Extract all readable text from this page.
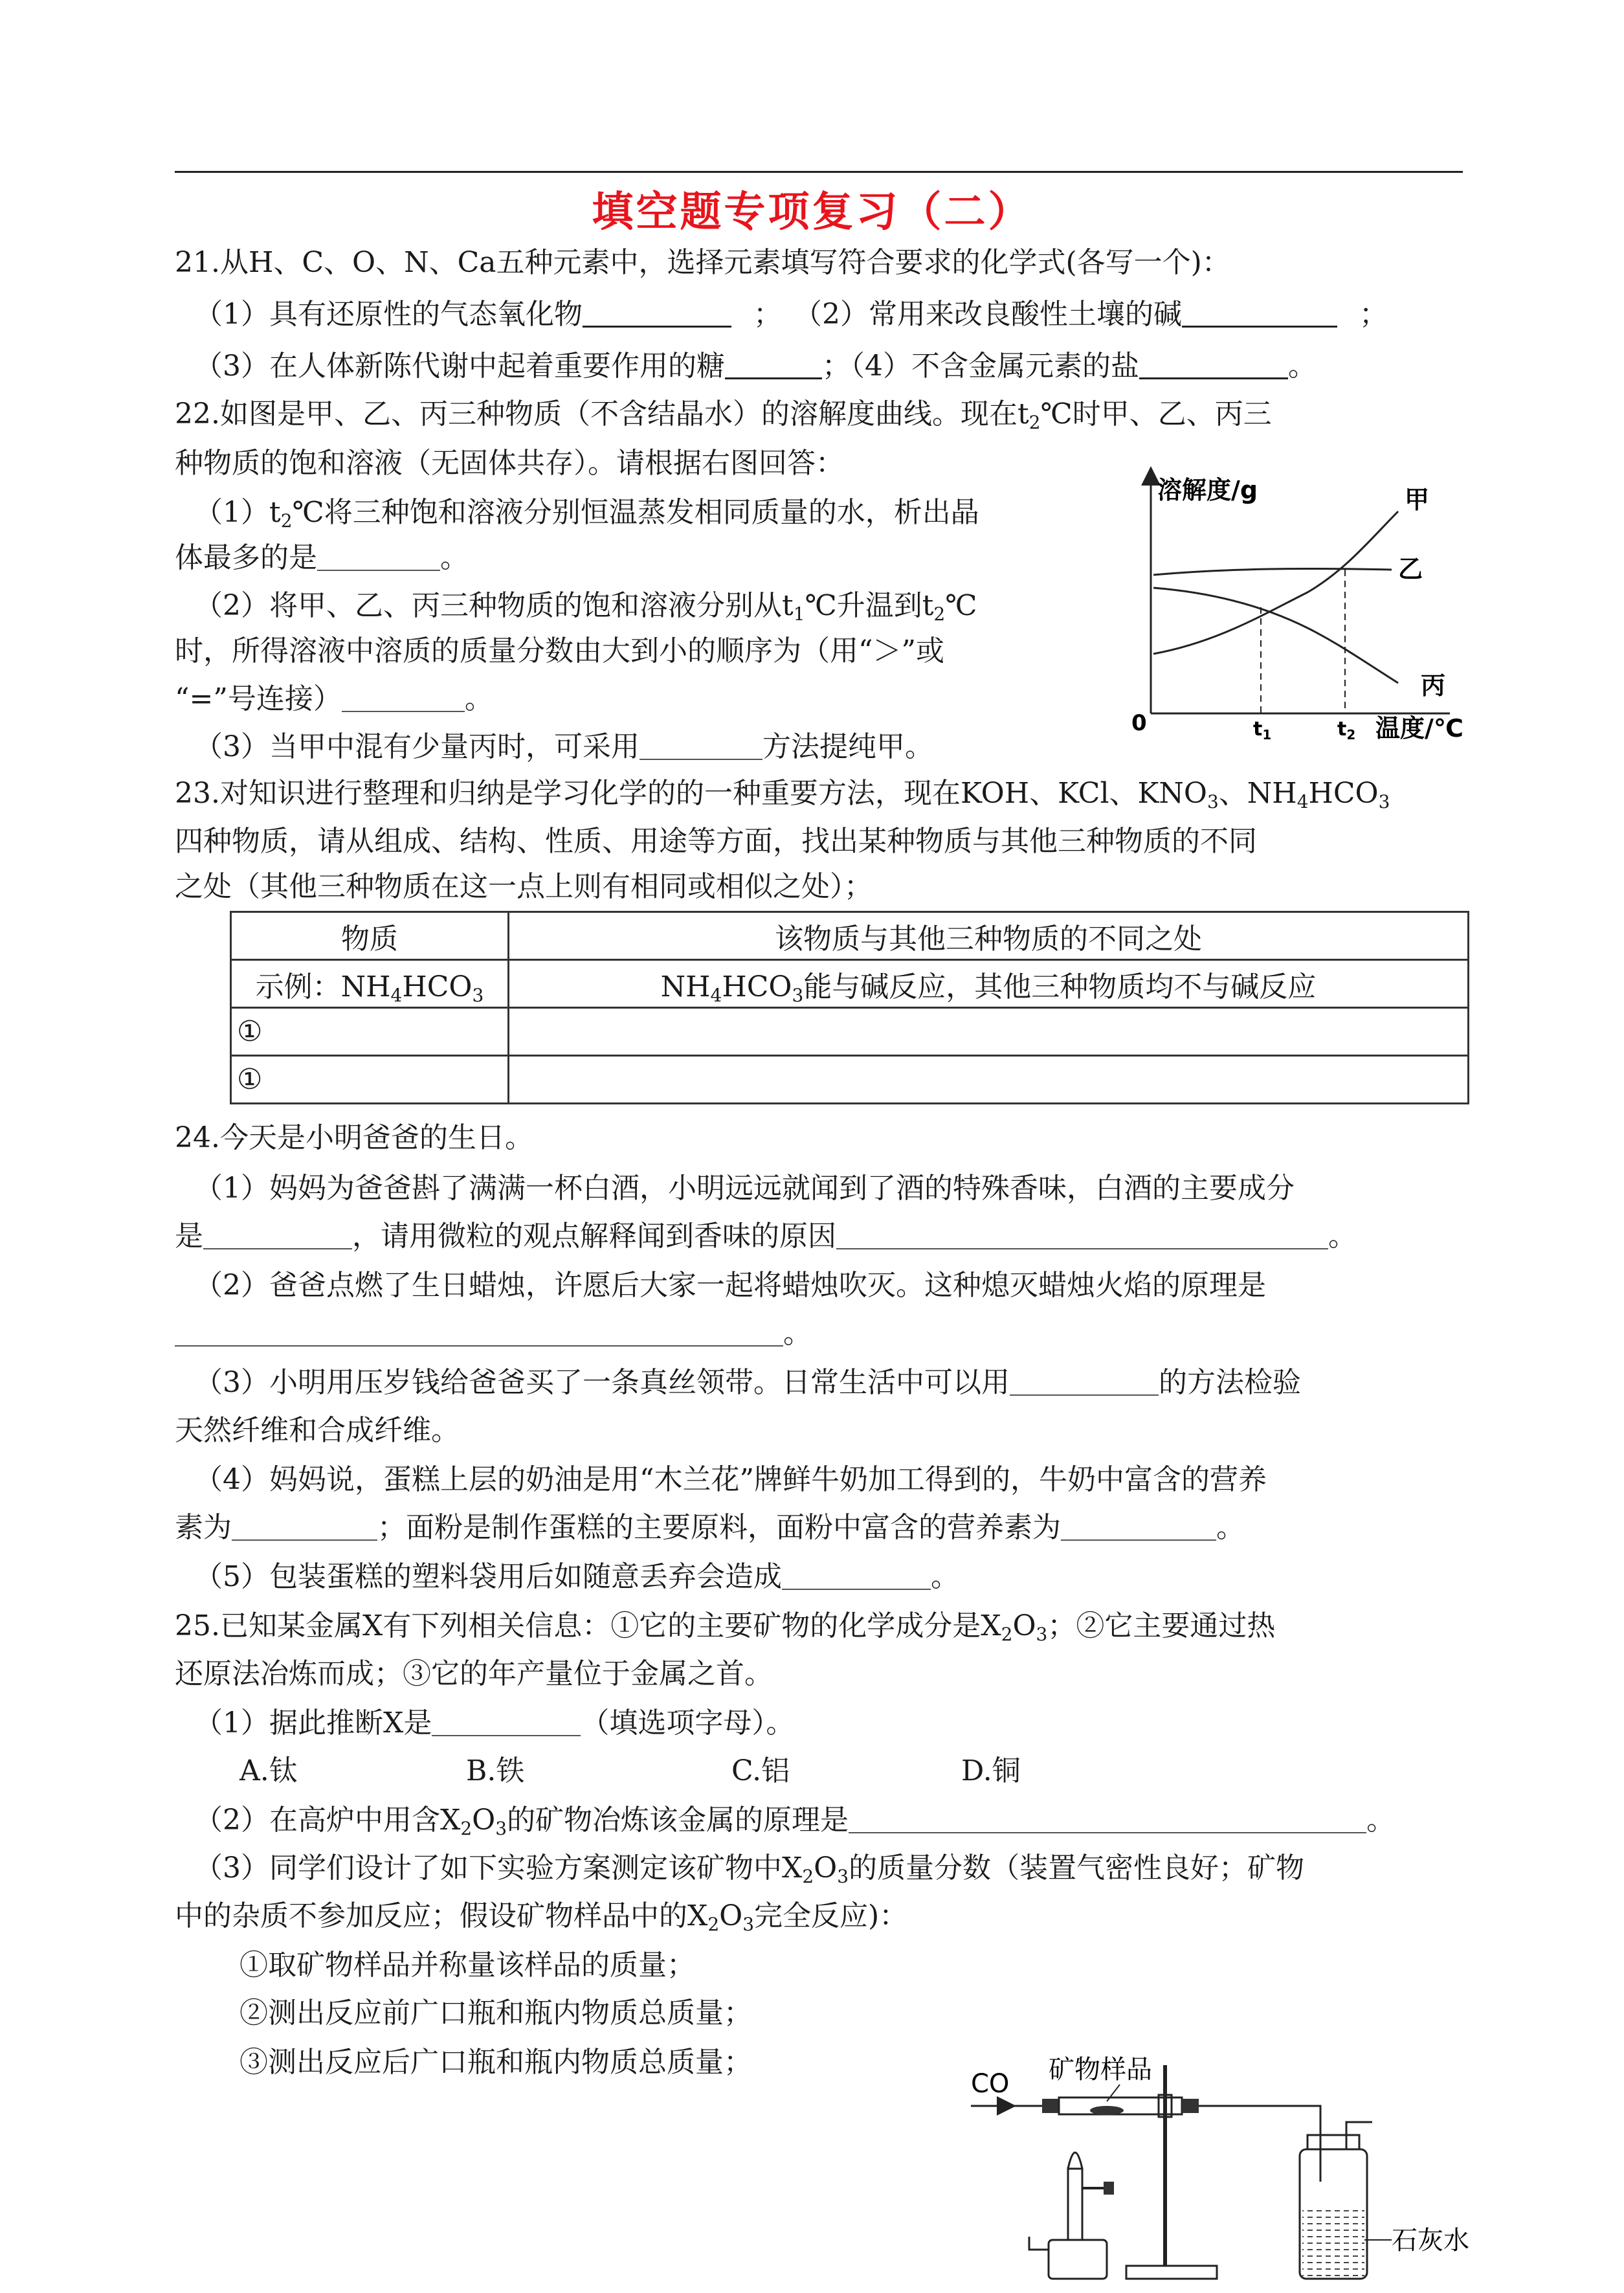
填空题专项复习（二）
21.从H、C、O、N、Ca五种元素中，选择元素填写符合要求的化学式(各写一个)：
（1）具有还原性的气态氧化物	； （2）常用来改良酸性土壤的碱	；
（3）在人体新陈代谢中起着重要作用的糖	；（4）不含金属元素的盐	。
22.如图是甲、乙、丙三种物质（不含结晶水）的溶解度曲线。现在$t_2℃$时甲、乙、丙三
种物质的饱和溶液（无固体共存）。请根据右图回答：
$(1)t_2℃$将三种饱和溶液分别恒温蒸发相同质量的水，析出晶
体最多的是	。
（2）将甲、乙、丙三种物质的饱和溶液分别从$t_1℃$升温到$t_2℃$
时，所得溶液中溶质的质量分数由大到小的顺序为（用“＞”或
“=”号连接）	。
（3）当甲中混有少量丙时，可采用	方法提纯甲。
溶解度/g
0
甲
乙
丙
$t_1$	$t_2$ 温度/℃
23.对知识进行整理和归纳是学习化学的的一种重要方法，现在KOH、KCl、$KNO_3$、$NH_4HCO_3$
四种物质，请从组成、结构、性质、用途等方面，找出某种物质与其他三种物质的不同
之处（其他三种物质在这一点上则有相同或相似之处）；
物质	该物质与其他三种物质的不同之处
示例：$NH_4HCO_3$	$NH_4HCO_3$能与碱反应，其他三种物质均不与碱反应
①	
①	
24.今天是小明爸爸的生日。
（1）妈妈为爸爸斟了满满一杯白酒，小明远远就闻到了酒的特殊香味，白酒的主要成分
是	，请用微粒的观点解释闻到香味的原因	。
（2）爸爸点燃了生日蜡烛，许愿后大家一起将蜡烛吹灭。这种熄灭蜡烛火焰的原理是
。
（3）小明用压岁钱给爸爸买了一条真丝领带。日常生活中可以用	的方法检验
天然纤维和合成纤维。
（4）妈妈说，蛋糕上层的奶油是用“木兰花”牌鲜牛奶加工得到的，牛奶中富含的营养
素为	；面粉是制作蛋糕的主要原料，面粉中富含的营养素为	。
（5）包装蛋糕的塑料袋用后如随意丢弃会造成	。
25.已知某金属X有下列相关信息：①它的主要矿物的化学成分是$X_2O_3$；②它主要通过热
还原法冶炼而成；③它的年产量位于金属之首。
（1）据此推断X是	（填选项字母）。
A.钛	B.铁	C.铝	D.铜
（2）在高炉中用含$X_2O_3$的矿物冶炼该金属的原理是	。
（3）同学们设计了如下实验方案测定该矿物中$X_2O_3$的质量分数（装置气密性良好；矿物
中的杂质不参加反应；假设矿物样品中的$X_2O_3$完全反应)：
①取矿物样品并称量该样品的质量；
②测出反应前广口瓶和瓶内物质总质量；
③测出反应后广口瓶和瓶内物质总质量；
CO 矿物样品
石灰水
